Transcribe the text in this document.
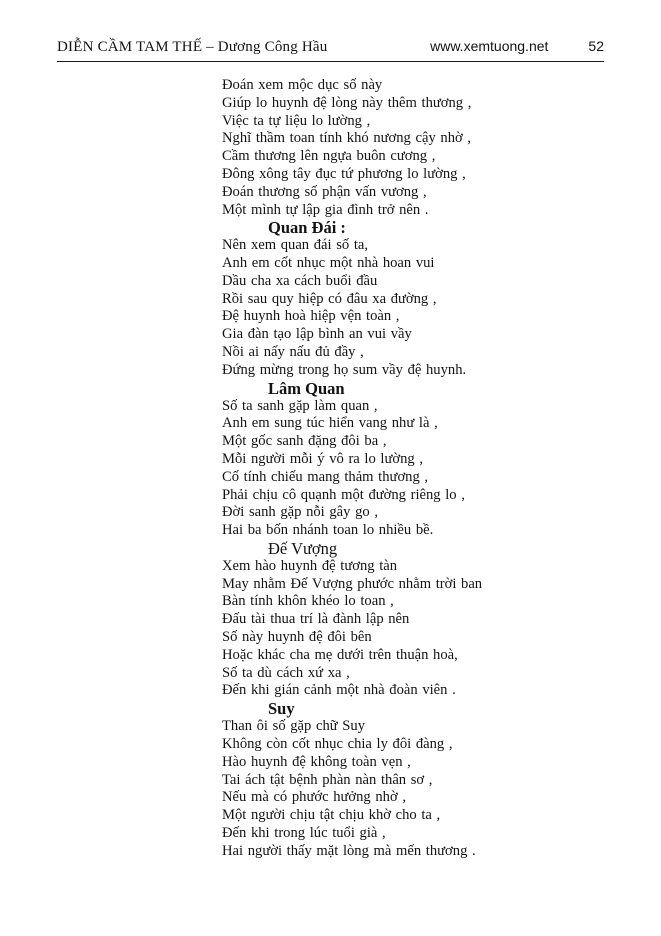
DIỄN CẦM TAM THẾ – Dương Công Hầu	www.xemtuong.net	52
Đoán xem mộc dục số này
Giúp lo huynh đệ lòng này thêm thương ,
Việc ta tự liệu lo lường ,
Nghĩ thầm toan tính khó nương cậy nhờ ,
Cầm thương lên ngựa buôn cương ,
Đông xông tây đục tứ phương lo lường ,
Đoán thương số phận vấn vương ,
Một mình tự lập gia đình trở nên .
Quan Đái :
Nên xem quan đái số ta,
Anh em cốt nhục một nhà hoan vui
Dầu cha xa cách buổi đầu
Rồi sau quy hiệp có đâu xa đường ,
Đệ huynh hoà hiệp vện toàn ,
Gia đàn tạo lập bình an vui vầy
Nồi ai nấy nấu đủ đầy ,
Đứng mừng trong họ sum vầy đệ huynh.
Lâm Quan
Số ta sanh gặp làm quan ,
Anh em sung túc hiển vang như là ,
Một gốc sanh đặng đôi ba ,
Mỗi người mỗi ý vô ra lo lường ,
Cố tính chiếu mang thảm thương ,
Phải chịu cô quạnh một đường riêng lo ,
Đời sanh gặp nỗi gây go ,
Hai ba bốn nhánh toan lo nhiều bề.
Đế Vượng
Xem hào huynh đệ tương tàn
May nhằm Đế Vượng phước nhằm trời ban
Bàn tính khôn khéo lo toan ,
Đấu tài thua trí là đành lập nên
Số này huynh đệ đôi bên
Hoặc khác cha mẹ dưới trên thuận hoà,
Số ta dù cách xứ xa ,
Đến khi gián cảnh một nhà đoàn viên .
Suy
Than ôi số gặp chữ Suy
Không còn cốt nhục chia ly đôi đàng ,
Hào huynh đệ không toàn vẹn ,
Tai ách tật bệnh phàn nàn thân sơ ,
Nếu mà có phước hưởng nhờ ,
Một người chịu tật chịu khờ cho ta ,
Đến khi trong lúc tuổi già ,
Hai người thấy mặt lòng mà mến thương .
